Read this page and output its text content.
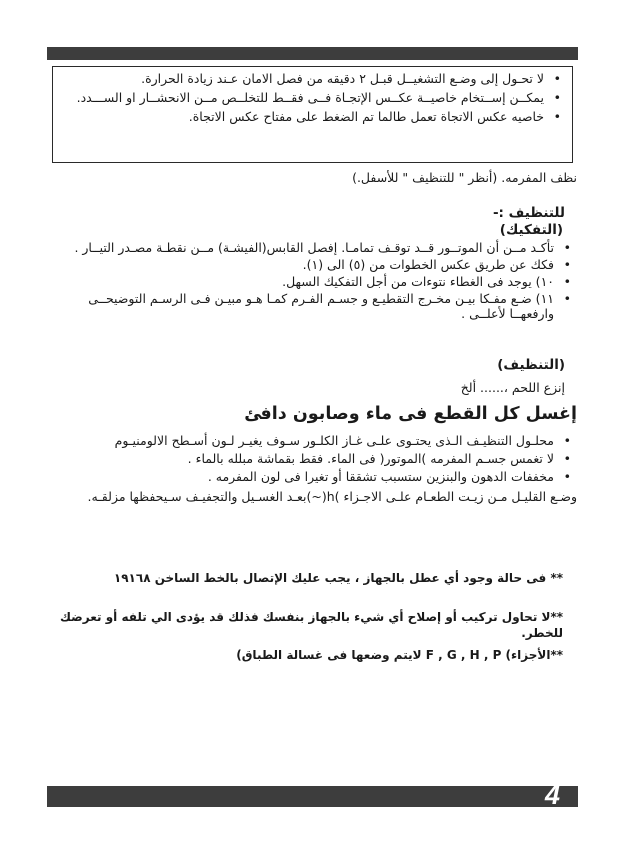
• لا تحـول إلى وضـع التشغيــل قبـل ٢ دقيقه من فصل الامان عـند زيادة الحرارة.
• يمكــن إســتخام خاصيــة عكــس الإتجـاة فــى فقــط للتخلــص مــن الانحشــار او الســـدد.
• خاصيه عكس الاتجاة تعمل طالما تم الضغط على مفتاح عكس الاتجاة.
نظف المفرمه. (أنظر " للتنظيف " للأسفل.)
للتنظيف :-
(التفكيك)
• تأكـد مــن أن الموتــور قــد توقـف تمامـا. إفصل القابس(الفيشـة) مــن نقطـة مصـدر التيــار .
• فكك عن طريق عكس الخطوات من (٥) الى (١).
• ١٠) يوجد فى الغطاء نتوءات من أجل التفكيك السهل.
• ١١) ضـع مفـكا بيـن مخـرج التقطيـع و جسـم الفـرم كمـا هـو مبيـن فـى الرسـم التوضيحــى وارفعهــا لأعلــى .
(التنظيف)
إنزع اللحم ،...... ألخ
إغسل كل القطع فى ماء وصابون دافئ
• محلـول التنظيـف الـذى يحتـوى علـى غـاز الكلـور سـوف يغيـر لـون أسـطح الالومنيـوم
• لا تغمس جسـم المفرمه )الموتور( فى الماء. فقط بقماشة مبلله بالماء .
• مخففات الدهون والبنزين ستسبب تشققا أو تغيرا فى لون المفرمه .
وضـع القليـل مـن زيـت الطعـام علـى الاجـزاء )h(~)بعـد الغسـيل والتجفيـف سـيحفظها مزلقـه.
** فى حالة وجود أي عطل بالجهاز ، يجب عليك الإتصال بالخط الساخن ١٩١٦٨
**لا تحاول تركيب أو إصلاح أي شيء بالجهاز بنفسك فذلك قد يؤدى الي تلفه أو تعرضك للخطر.
**الأجزاء) F , G , H , P لايتم وضعها فى غسالة الطباق)
4
